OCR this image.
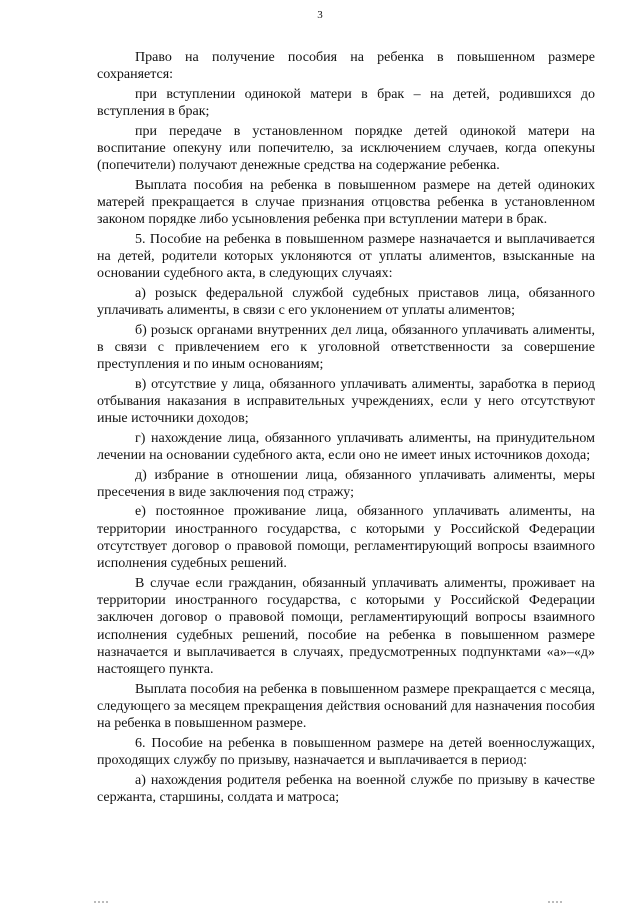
3

Право на получение пособия на ребенка в повышенном размере сохраняется:

при вступлении одинокой матери в брак – на детей, родившихся до вступления в брак;

при передаче в установленном порядке детей одинокой матери на воспитание опекуну или попечителю, за исключением случаев, когда опекуны (попечители) получают денежные средства на содержание ребенка.

Выплата пособия на ребенка в повышенном размере на детей одиноких матерей прекращается в случае признания отцовства ребенка в установленном законом порядке либо усыновления ребенка при вступлении матери в брак.

5. Пособие на ребенка в повышенном размере назначается и выплачивается на детей, родители которых уклоняются от уплаты алиментов, взысканные на основании судебного акта, в следующих случаях:

а) розыск федеральной службой судебных приставов лица, обязанного уплачивать алименты, в связи с его уклонением от уплаты алиментов;

б) розыск органами внутренних дел лица, обязанного уплачивать алименты, в связи с привлечением его к уголовной ответственности за совершение преступления и по иным основаниям;

в) отсутствие у лица, обязанного уплачивать алименты, заработка в период отбывания наказания в исправительных учреждениях, если у него отсутствуют иные источники доходов;

г) нахождение лица, обязанного уплачивать алименты, на принудительном лечении на основании судебного акта, если оно не имеет иных источников дохода;

д) избрание в отношении лица, обязанного уплачивать алименты, меры пресечения в виде заключения под стражу;

е) постоянное проживание лица, обязанного уплачивать алименты, на территории иностранного государства, с которыми у Российской Федерации отсутствует договор о правовой помощи, регламентирующий вопросы взаимного исполнения судебных решений.

В случае если гражданин, обязанный уплачивать алименты, проживает на территории иностранного государства, с которыми у Российской Федерации заключен договор о правовой помощи, регламентирующий вопросы взаимного исполнения судебных решений, пособие на ребенка в повышенном размере назначается и выплачивается в случаях, предусмотренных подпунктами «а»–«д» настоящего пункта.

Выплата пособия на ребенка в повышенном размере прекращается с месяца, следующего за месяцем прекращения действия оснований для назначения пособия на ребенка в повышенном размере.

6. Пособие на ребенка в повышенном размере на детей военнослужащих, проходящих службу по призыву, назначается и выплачивается в период:

а) нахождения родителя ребенка на военной службе по призыву в качестве сержанта, старшины, солдата и матроса;
